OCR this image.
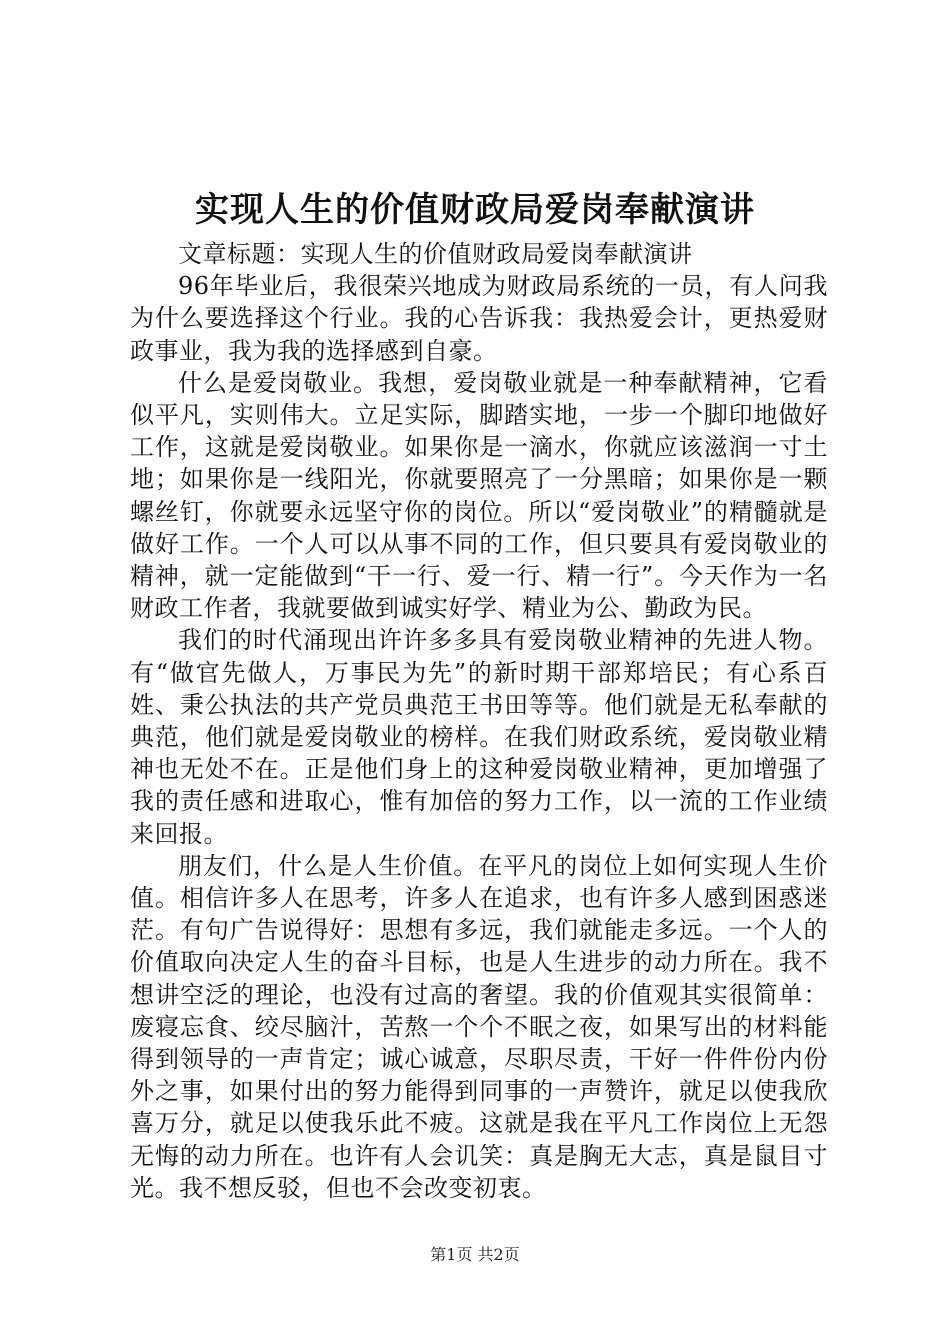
实现人生的价值财政局爱岗奉献演讲

文章标题：实现人生的价值财政局爱岗奉献演讲

96年毕业后，我很荣兴地成为财政局系统的一员，有人问我为什么要选择这个行业。我的心告诉我：我热爱会计，更热爱财政事业，我为我的选择感到自豪。

什么是爱岗敬业。我想，爱岗敬业就是一种奉献精神，它看似平凡，实则伟大。立足实际，脚踏实地，一步一个脚印地做好工作，这就是爱岗敬业。如果你是一滴水，你就应该滋润一寸土地；如果你是一线阳光，你就要照亮了一分黑暗；如果你是一颗螺丝钉，你就要永远坚守你的岗位。所以“爱岗敬业”的精髓就是做好工作。一个人可以从事不同的工作，但只要具有爱岗敬业的精神，就一定能做到“干一行、爱一行、精一行”。今天作为一名财政工作者，我就要做到诚实好学、精业为公、勤政为民。

我们的时代涌现出许许多多具有爱岗敬业精神的先进人物。有“做官先做人，万事民为先”的新时期干部郑培民；有心系百姓、秉公执法的共产党员典范王书田等等。他们就是无私奉献的典范，他们就是爱岗敬业的榜样。在我们财政系统，爱岗敬业精神也无处不在。正是他们身上的这种爱岗敬业精神，更加增强了我的责任感和进取心，惟有加倍的努力工作，以一流的工作业绩来回报。

朋友们，什么是人生价值。在平凡的岗位上如何实现人生价值。相信许多人在思考，许多人在追求，也有许多人感到困惑迷茫。有句广告说得好：思想有多远，我们就能走多远。一个人的价值取向决定人生的奋斗目标，也是人生进步的动力所在。我不想讲空泛的理论，也没有过高的奢望。我的价值观其实很简单：废寝忘食、绞尽脑汁，苦熬一个个不眠之夜，如果写出的材料能得到领导的一声肯定；诚心诚意，尽职尽责，干好一件件份内份外之事，如果付出的努力能得到同事的一声赞许，就足以使我欣喜万分，就足以使我乐此不疲。这就是我在平凡工作岗位上无怨无悔的动力所在。也许有人会讥笑：真是胸无大志，真是鼠目寸光。我不想反驳，但也不会改变初衷。

第1页 共2页
